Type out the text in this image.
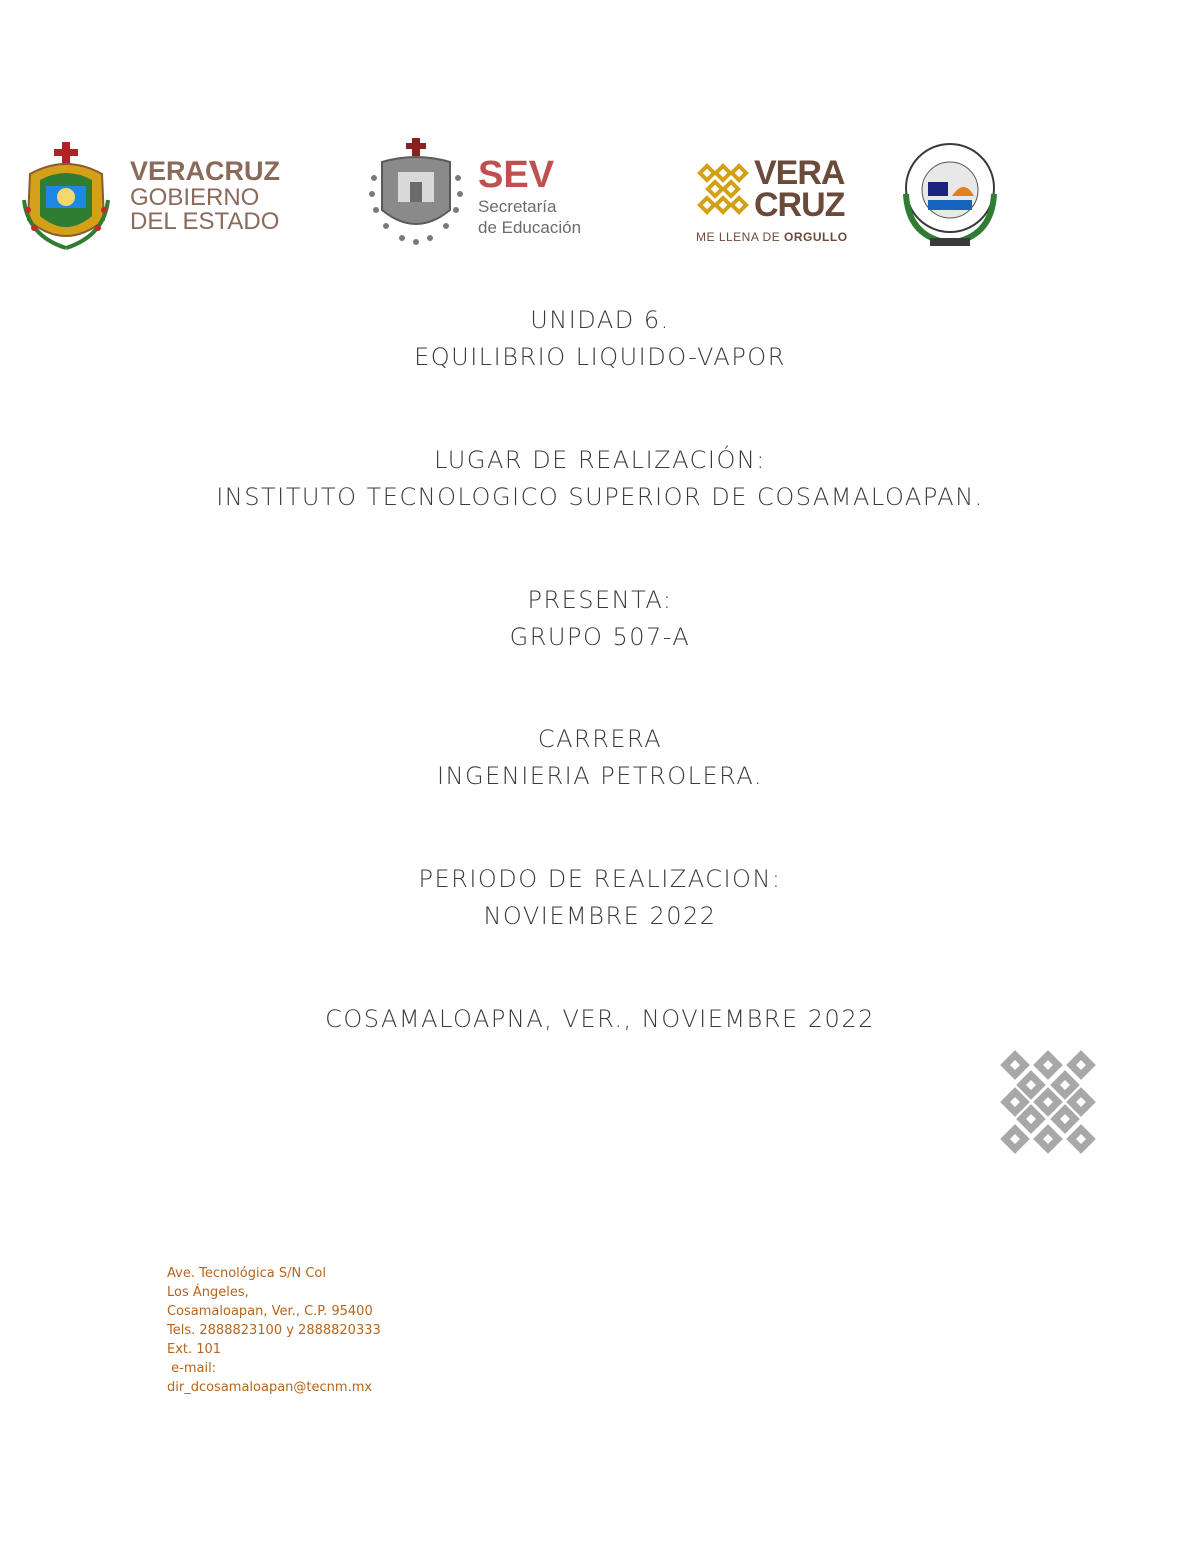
VERACRUZ
GOBIERNO
DEL ESTADO
SEV
Secretaría
de Educación
VERA
CRUZ
ME LLENA DE ORGULLO
UNIDAD 6.
EQUILIBRIO LIQUIDO-VAPOR
LUGAR DE REALIZACIÓN:
INSTITUTO TECNOLOGICO SUPERIOR DE COSAMALOAPAN.
PRESENTA:
GRUPO 507-A
CARRERA
INGENIERIA PETROLERA.
PERIODO DE REALIZACION:
NOVIEMBRE 2022
COSAMALOAPNA, VER., NOVIEMBRE 2022
Ave. Tecnológica S/N Col
Los Ángeles,
Cosamaloapan, Ver., C.P. 95400
Tels. 2888823100 y 2888820333
Ext. 101
e-mail:
dir_dcosamaloapan@tecnm.mx
